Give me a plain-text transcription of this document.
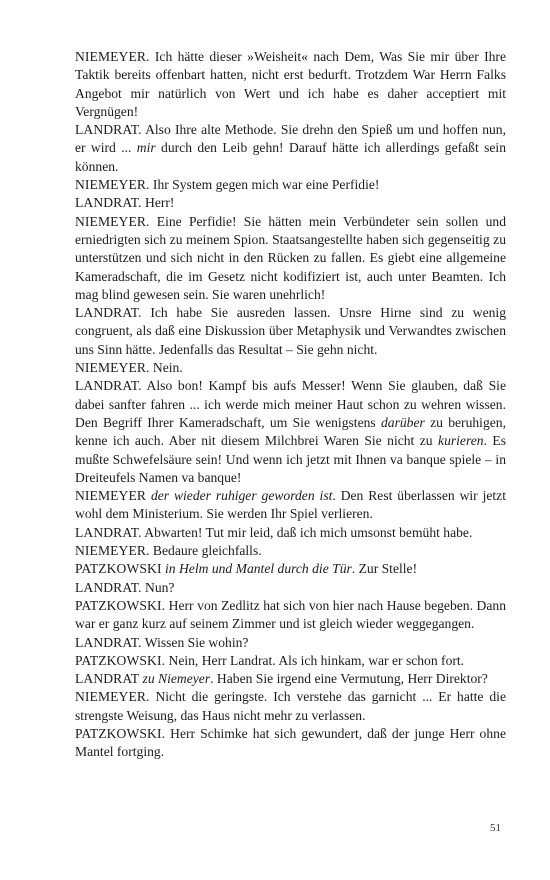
NIEMEYER. Ich hätte dieser »Weisheit« nach Dem, Was Sie mir über Ihre Taktik bereits offenbart hatten, nicht erst bedurft. Trotzdem War Herrn Falks Angebot mir natürlich von Wert und ich habe es daher acceptiert mit Vergnügen!

LANDRAT. Also Ihre alte Methode. Sie drehn den Spieß um und hoffen nun, er wird ... mir durch den Leib gehn! Darauf hätte ich allerdings gefaßt sein können.

NIEMEYER. Ihr System gegen mich war eine Perfidie!

LANDRAT. Herr!

NIEMEYER. Eine Perfidie! Sie hätten mein Verbündeter sein sollen und erniedrigten sich zu meinem Spion. Staatsangestellte haben sich gegenseitig zu unterstützen und sich nicht in den Rücken zu fallen. Es giebt eine allgemeine Kameradschaft, die im Gesetz nicht kodifiziert ist, auch unter Beamten. Ich mag blind gewesen sein. Sie waren unehrlich!

LANDRAT. Ich habe Sie ausreden lassen. Unsre Hirne sind zu wenig congruent, als daß eine Diskussion über Metaphysik und Verwandtes zwischen uns Sinn hätte. Jedenfalls das Resultat – Sie gehn nicht.

NIEMEYER. Nein.

LANDRAT. Also bon! Kampf bis aufs Messer! Wenn Sie glauben, daß Sie dabei sanfter fahren ... ich werde mich meiner Haut schon zu wehren wissen. Den Begriff Ihrer Kameradschaft, um Sie wenigstens darüber zu beruhigen, kenne ich auch. Aber nit diesem Milchbrei Waren Sie nicht zu kurieren. Es mußte Schwefelsäure sein! Und wenn ich jetzt mit Ihnen va banque spiele – in Dreiteufels Namen va banque!

NIEMEYER der wieder ruhiger geworden ist. Den Rest überlassen wir jetzt wohl dem Ministerium. Sie werden Ihr Spiel verlieren.

LANDRAT. Abwarten! Tut mir leid, daß ich mich umsonst bemüht habe.

NIEMEYER. Bedaure gleichfalls.

PATZKOWSKI in Helm und Mantel durch die Tür. Zur Stelle!

LANDRAT. Nun?

PATZKOWSKI. Herr von Zedlitz hat sich von hier nach Hause begeben. Dann war er ganz kurz auf seinem Zimmer und ist gleich wieder weggegangen.

LANDRAT. Wissen Sie wohin?

PATZKOWSKI. Nein, Herr Landrat. Als ich hinkam, war er schon fort.

LANDRAT zu Niemeyer. Haben Sie irgend eine Vermutung, Herr Direktor?

NIEMEYER. Nicht die geringste. Ich verstehe das garnicht ... Er hatte die strengste Weisung, das Haus nicht mehr zu verlassen.

PATZKOWSKI. Herr Schimke hat sich gewundert, daß der junge Herr ohne Mantel fortging.

51
